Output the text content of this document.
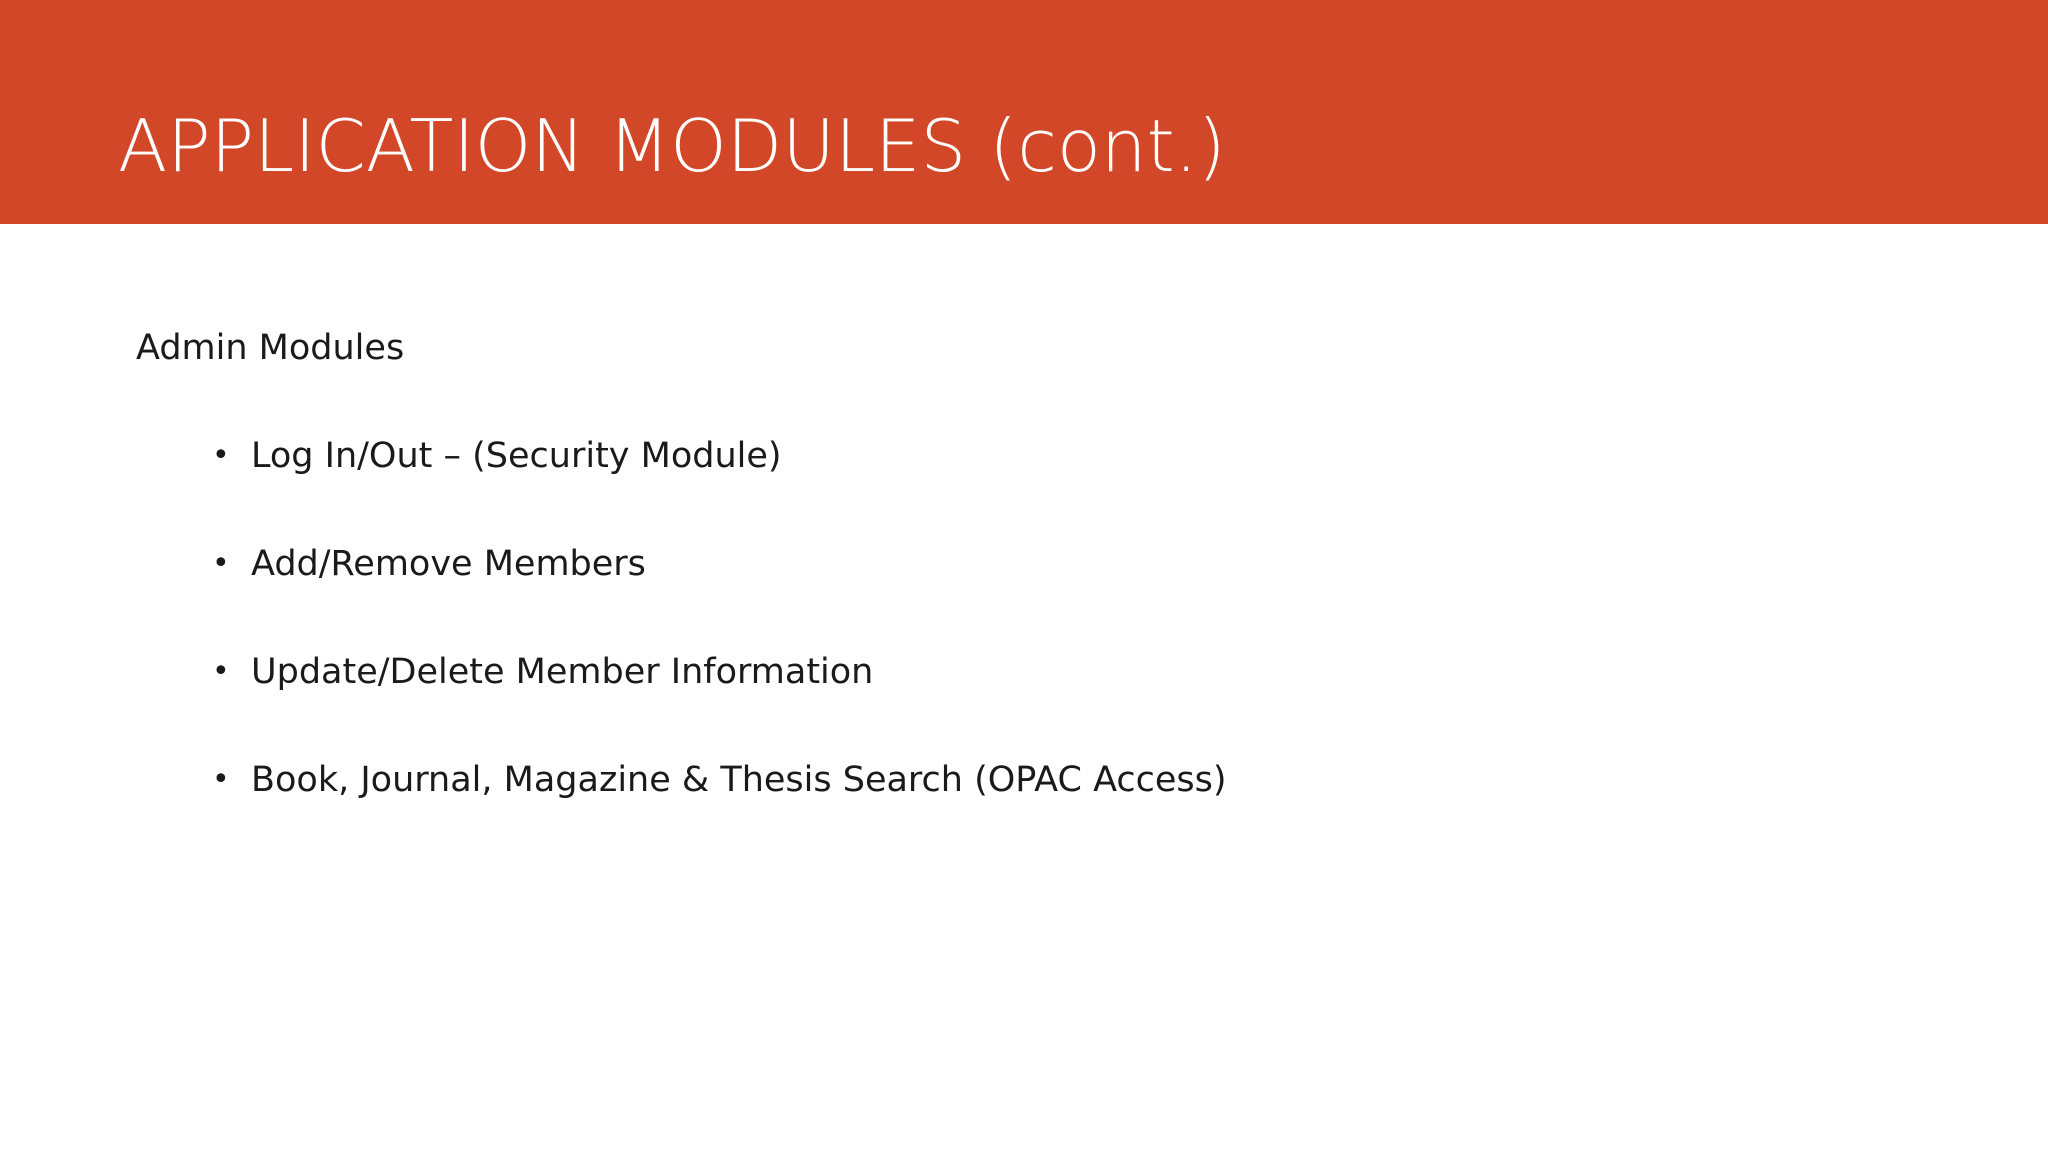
APPLICATION MODULES (cont.)
Admin Modules
• Log In/Out – (Security Module)
• Add/Remove Members
• Update/Delete Member Information
• Book, Journal, Magazine & Thesis Search (OPAC Access)
